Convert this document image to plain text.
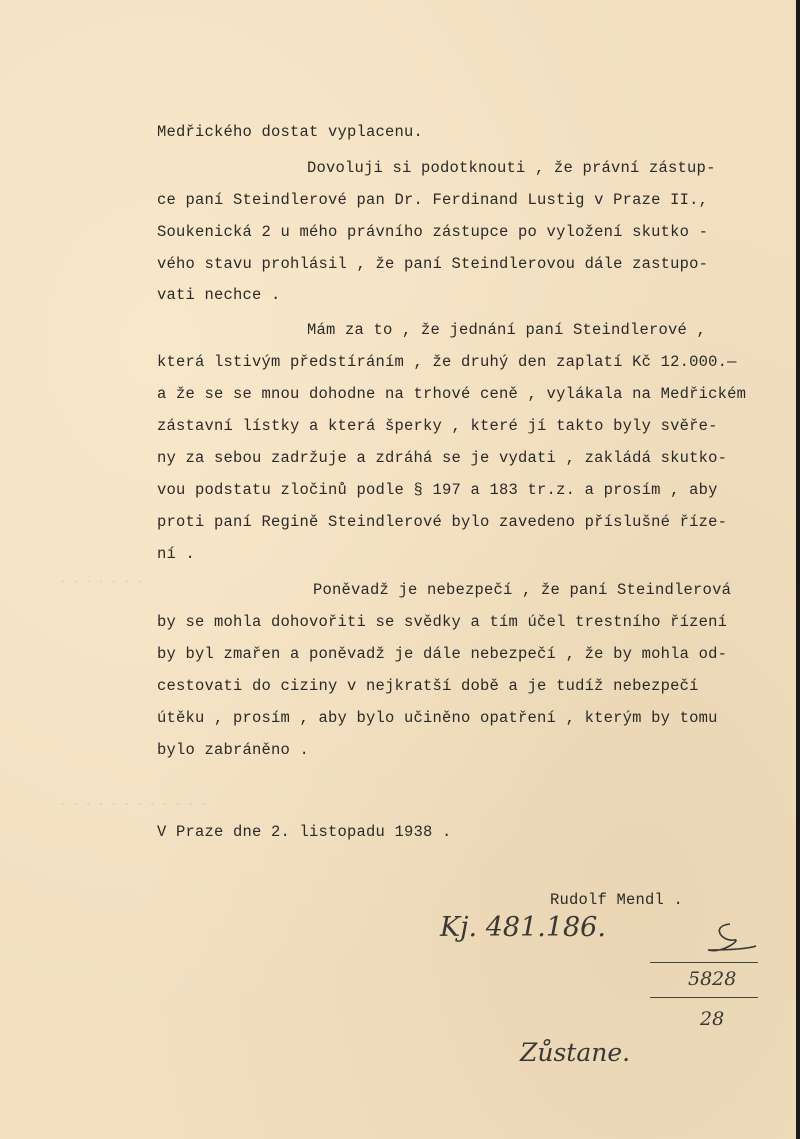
- - - - - - -
- - - - - - - - - - - -
Medřického dostat vyplacenu.
Dovoluji si podotknouti , že právní zástup-
ce paní Steindlerové pan Dr. Ferdinand Lustig v Praze II.,
Soukenická 2 u mého právního zástupce po vyložení skutko -
vého stavu prohlásil , že paní Steindlerovou dále zastupo-
vati nechce .
Mám za to , že jednání paní Steindlerové ,
která lstivým předstíráním , že druhý den zaplatí Kč 12.000.—
a že se se mnou dohodne na trhové ceně , vylákala na Medřickém
zástavní lístky a která šperky , které jí takto byly svěře-
ny za sebou zadržuje a zdráhá se je vydati , zakládá skutko-
vou podstatu zločinů podle § 197 a 183 tr.z. a prosím , aby
proti paní Regině Steindlerové bylo zavedeno příslušné říze-
ní .
Poněvadž je nebezpečí , že paní Steindlerová
by se mohla dohovořiti se svědky a tím účel trestního řízení
by byl zmařen a poněvadž je dále nebezpečí , že by mohla od-
cestovati do ciziny v nejkratší době a je tudíž nebezpečí
útěku , prosím , aby bylo učiněno opatření , kterým by tomu
bylo zabráněno .
V Praze dne 2. listopadu 1938 .
Rudolf Mendl .
Kj. 481.186.
5828
28
Zůstane.
